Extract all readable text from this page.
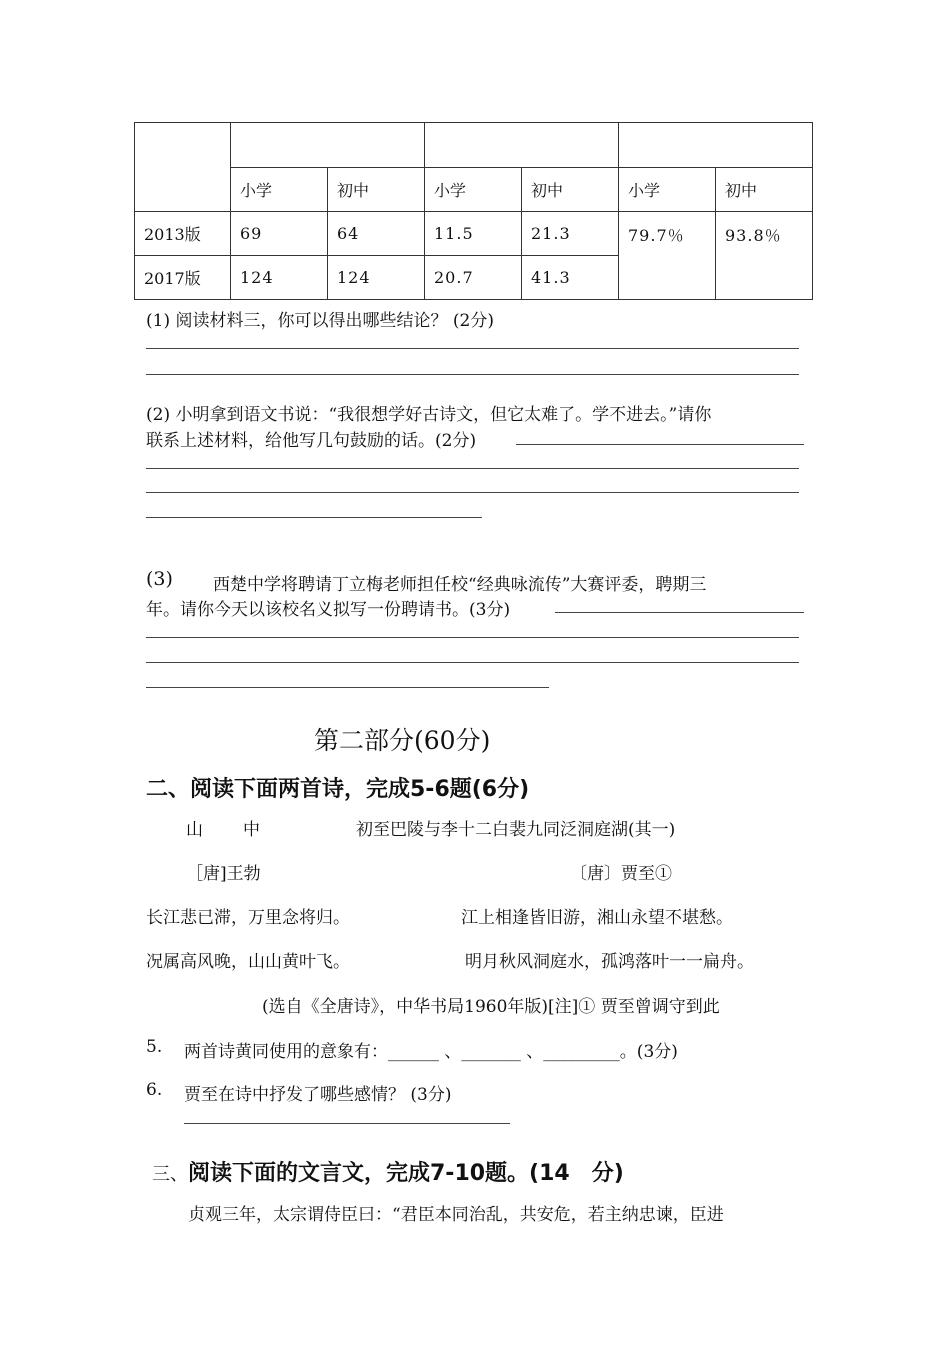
	小学	初中	小学	初中	小学	初中
2013版	69	64	11.5	21.3	79.7％	93.8％
2017版	124	124	20.7	41.3		
(1) 阅读材料三，你可以得出哪些结论？ (2分)
(2) 小明拿到语文书说：“我很想学好古诗文，但它太难了。学不进去。”请你
联系上述材料，给他写几句鼓励的话。(2分)
(3) 西楚中学将聘请丁立梅老师担任校“经典咏流传”大赛评委，聘期三
年。请你今天以该校名义拟写一份聘请书。(3分)
第二部分(60分)
二、阅读下面两首诗，完成5-6题(6分)
山 中	初至巴陵与李十二白裴九同泛洞庭湖(其一)
［唐]王勃	〔唐〕贾至①
长江悲已滞，万里念将归。	江上相逢皆旧游，湘山永望不堪愁。
况属高风晚，山山黄叶飞。	明月秋风洞庭水，孤鸿落叶一一扁舟。
(选自《全唐诗》，中华书局1960年版)[注]① 贾至曾调守到此
5. 两首诗黄同使用的意象有：______ 、_______ 、_________。(3分)
6. 贾至在诗中抒发了哪些感情？ (3分)
三、阅读下面的文言文，完成7-10题。(14　分)
贞观三年，太宗谓侍臣曰：“君臣本同治乱，共安危，若主纳忠谏，臣进
